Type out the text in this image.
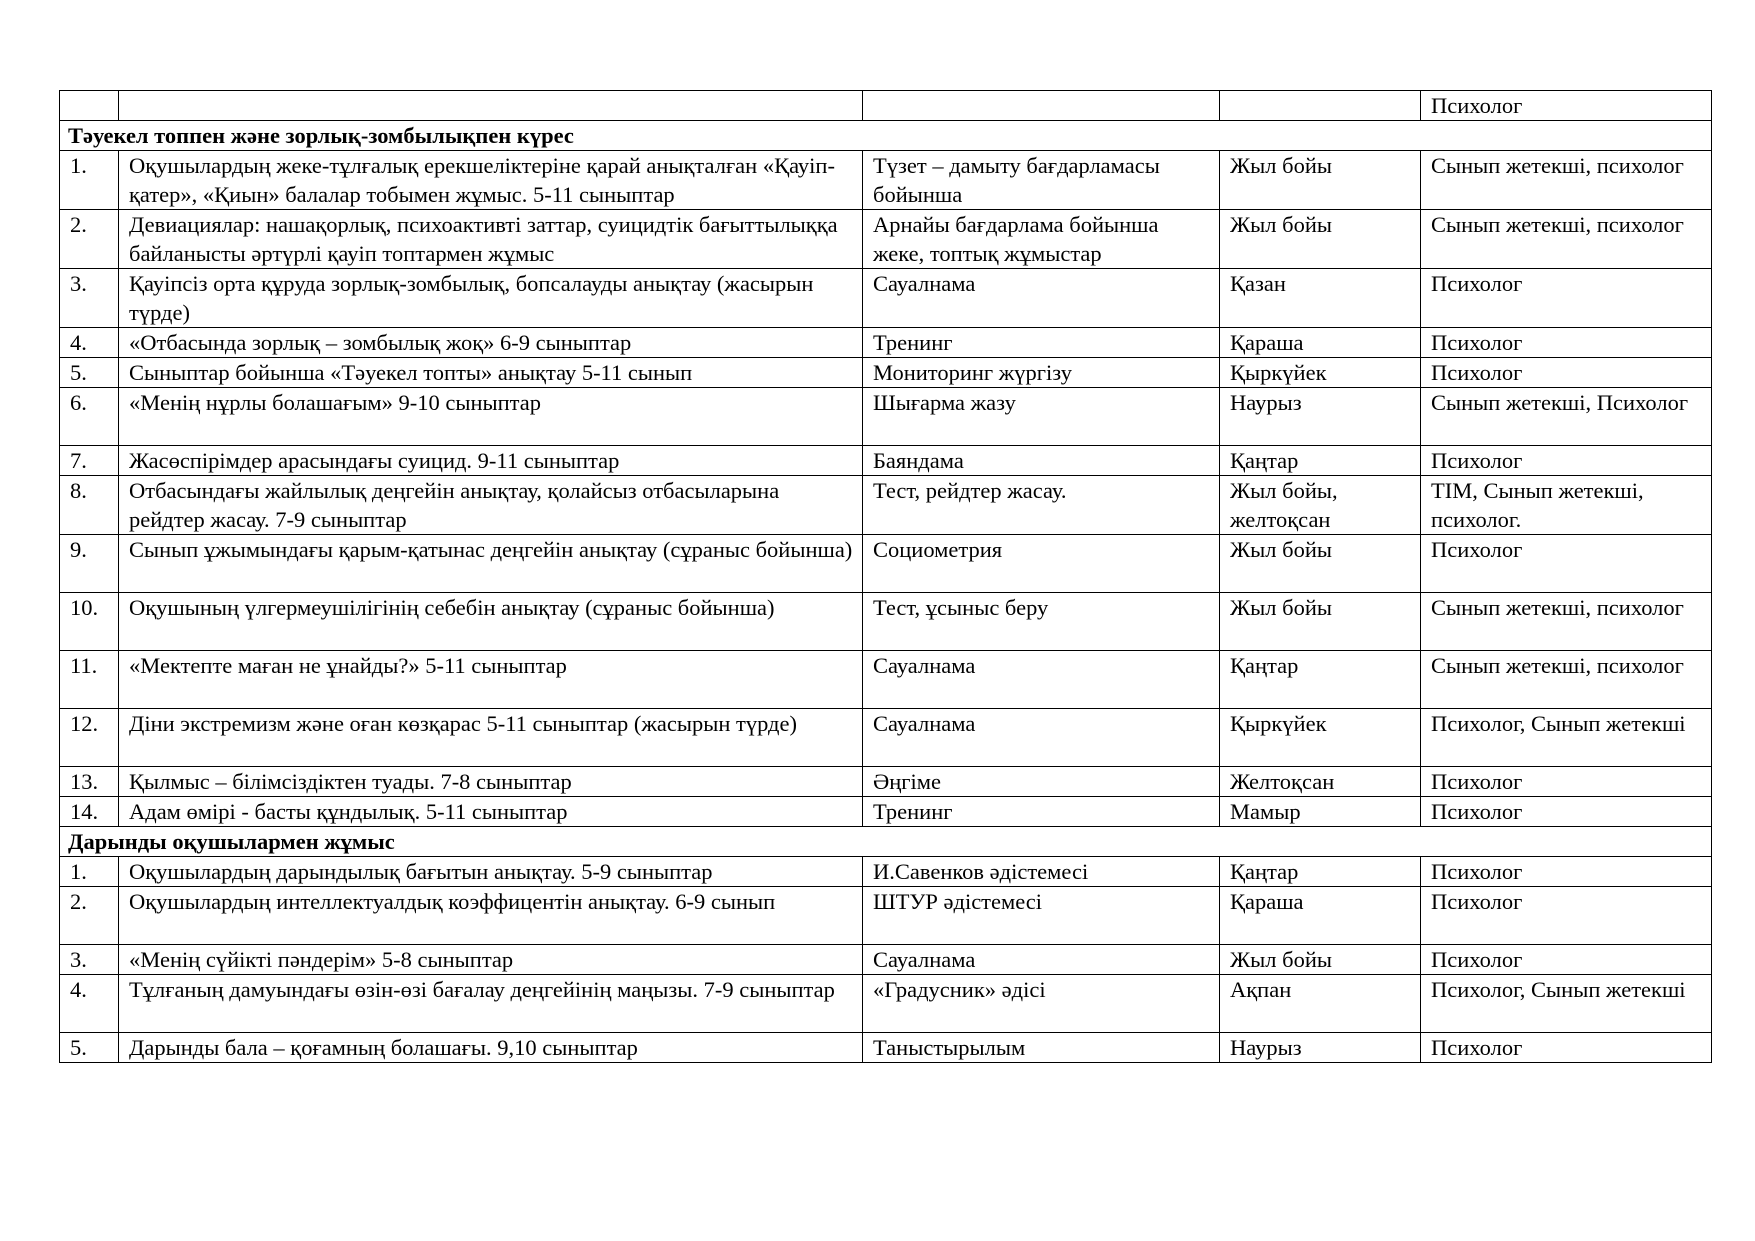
				Психолог
Тәуекел топпен және зорлық-зомбылықпен күрес				
1.	Оқушылардың жеке-тұлғалық ерекшеліктеріне қарай анықталған «Қауіп-қатер», «Қиын» балалар тобымен жұмыс. 5-11 сыныптар	Түзет – дамыту бағдарламасы бойынша	Жыл бойы	Сынып жетекші, психолог
2.	Девиациялар: нашақорлық, психоактивті заттар, суицидтік бағыттылыққа байланысты әртүрлі қауіп топтармен жұмыс	Арнайы бағдарлама бойынша жеке, топтық жұмыстар	Жыл бойы	Сынып жетекші, психолог
3.	Қауіпсіз орта құруда зорлық-зомбылық, бопсалауды анықтау (жасырын түрде)	Сауалнама	Қазан	Психолог
4.	«Отбасында зорлық – зомбылық жоқ» 6-9 сыныптар	Тренинг	Қараша	Психолог
5.	Сыныптар бойынша «Тәуекел топты» анықтау 5-11 сынып	Мониторинг жүргізу	Қыркүйек	Психолог
6.	«Менің нұрлы болашағым» 9-10 сыныптар	Шығарма жазу	Наурыз	Сынып жетекші, Психолог
7.	Жасөспірімдер арасындағы суицид. 9-11 сыныптар	Баяндама	Қаңтар	Психолог
8.	Отбасындағы жайлылық деңгейін анықтау, қолайсыз отбасыларына рейдтер жасау. 7-9 сыныптар	Тест, рейдтер жасау.	Жыл бойы, желтоқсан	ТІМ, Сынып жетекші, психолог.
9.	Сынып ұжымындағы қарым-қатынас деңгейін анықтау (сұраныс бойынша)	Социометрия	Жыл бойы	Психолог
10.	Оқушының үлгермеушілігінің себебін анықтау (сұраныс бойынша)	Тест, ұсыныс беру	Жыл бойы	Сынып жетекші, психолог
11.	«Мектепте маған не ұнайды?» 5-11 сыныптар	Сауалнама	Қаңтар	Сынып жетекші, психолог
12.	Діни экстремизм және оған көзқарас 5-11 сыныптар (жасырын түрде)	Сауалнама	Қыркүйек	Психолог, Сынып жетекші
13.	Қылмыс – білімсіздіктен туады. 7-8 сыныптар	Әңгіме	Желтоқсан	Психолог
14.	Адам өмірі - басты құндылық. 5-11 сыныптар	Тренинг	Мамыр	Психолог
Дарынды оқушылармен жұмыс				
1.	Оқушылардың дарындылық бағытын анықтау. 5-9 сыныптар	И.Савенков әдістемесі	Қаңтар	Психолог
2.	Оқушылардың интеллектуалдық коэффицентін анықтау. 6-9 сынып	ШТУР әдістемесі	Қараша	Психолог
3.	«Менің сүйікті пәндерім» 5-8 сыныптар	Сауалнама	Жыл бойы	Психолог
4.	Тұлғаның дамуындағы өзін-өзі бағалау деңгейінің маңызы. 7-9 сыныптар	«Градусник» әдісі	Ақпан	Психолог, Сынып жетекші
5.	Дарынды бала – қоғамның болашағы. 9,10 сыныптар	Таныстырылым	Наурыз	Психолог
